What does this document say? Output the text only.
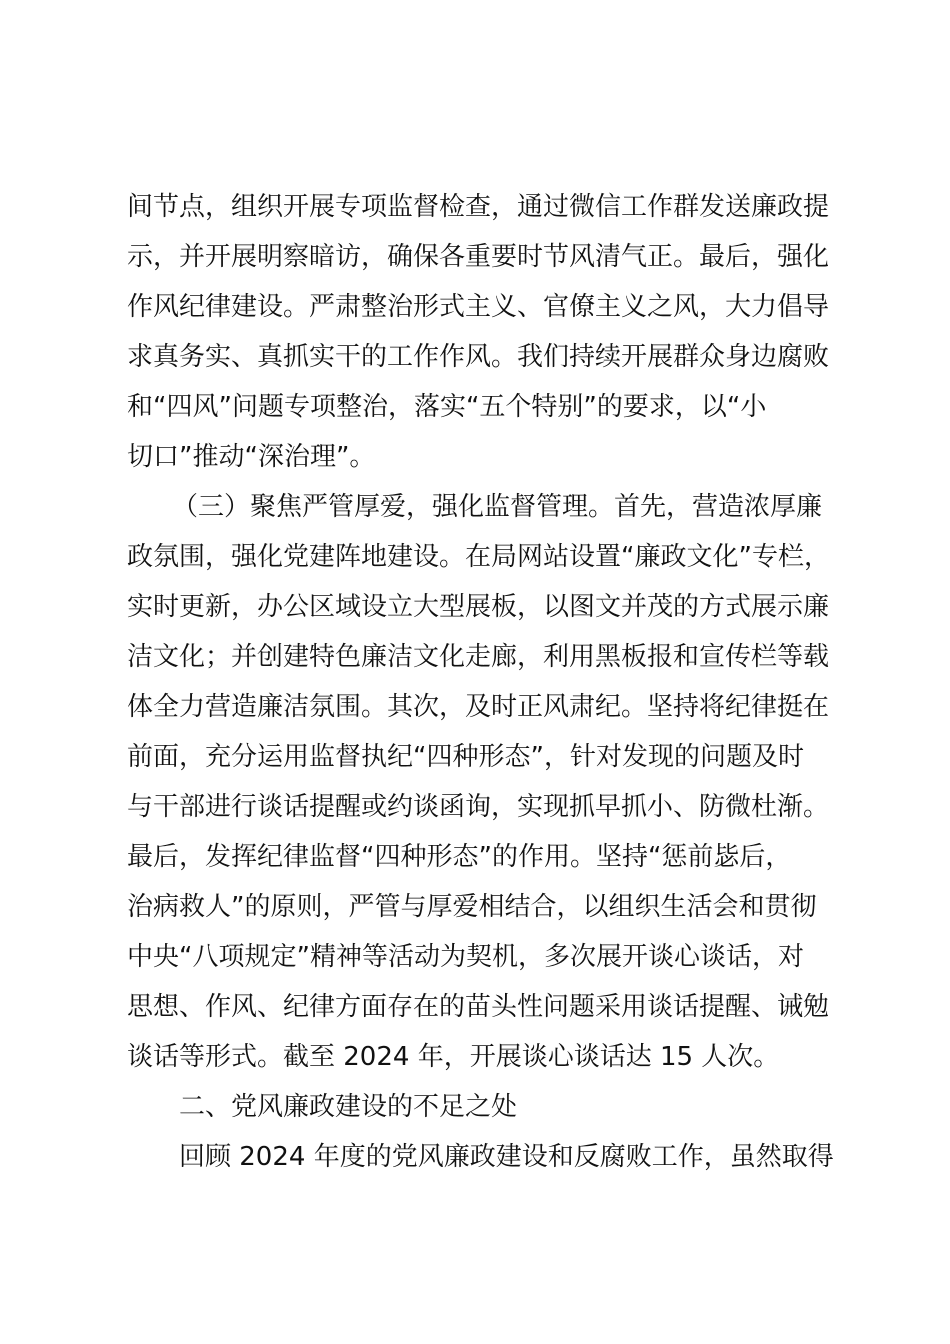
间节点，组织开展专项监督检查，通过微信工作群发送廉政提
示，并开展明察暗访，确保各重要时节风清气正。最后，强化
作风纪律建设。严肃整治形式主义、官僚主义之风，大力倡导
求真务实、真抓实干的工作作风。我们持续开展群众身边腐败
和“四风”问题专项整治，落实“五个特别”的要求，以“小
切口”推动“深治理”。
（三）聚焦严管厚爱，强化监督管理。首先，营造浓厚廉
政氛围，强化党建阵地建设。在局网站设置“廉政文化”专栏，
实时更新，办公区域设立大型展板，以图文并茂的方式展示廉
洁文化；并创建特色廉洁文化走廊，利用黑板报和宣传栏等载
体全力营造廉洁氛围。其次，及时正风肃纪。坚持将纪律挺在
前面，充分运用监督执纪“四种形态”，针对发现的问题及时
与干部进行谈话提醒或约谈函询，实现抓早抓小、防微杜渐。
最后，发挥纪律监督“四种形态”的作用。坚持“惩前毖后，
治病救人”的原则，严管与厚爱相结合，以组织生活会和贯彻
中央“八项规定”精神等活动为契机，多次展开谈心谈话，对
思想、作风、纪律方面存在的苗头性问题采用谈话提醒、诫勉
谈话等形式。截至 2024 年，开展谈心谈话达 15 人次。
二、党风廉政建设的不足之处
回顾 2024 年度的党风廉政建设和反腐败工作，虽然取得
